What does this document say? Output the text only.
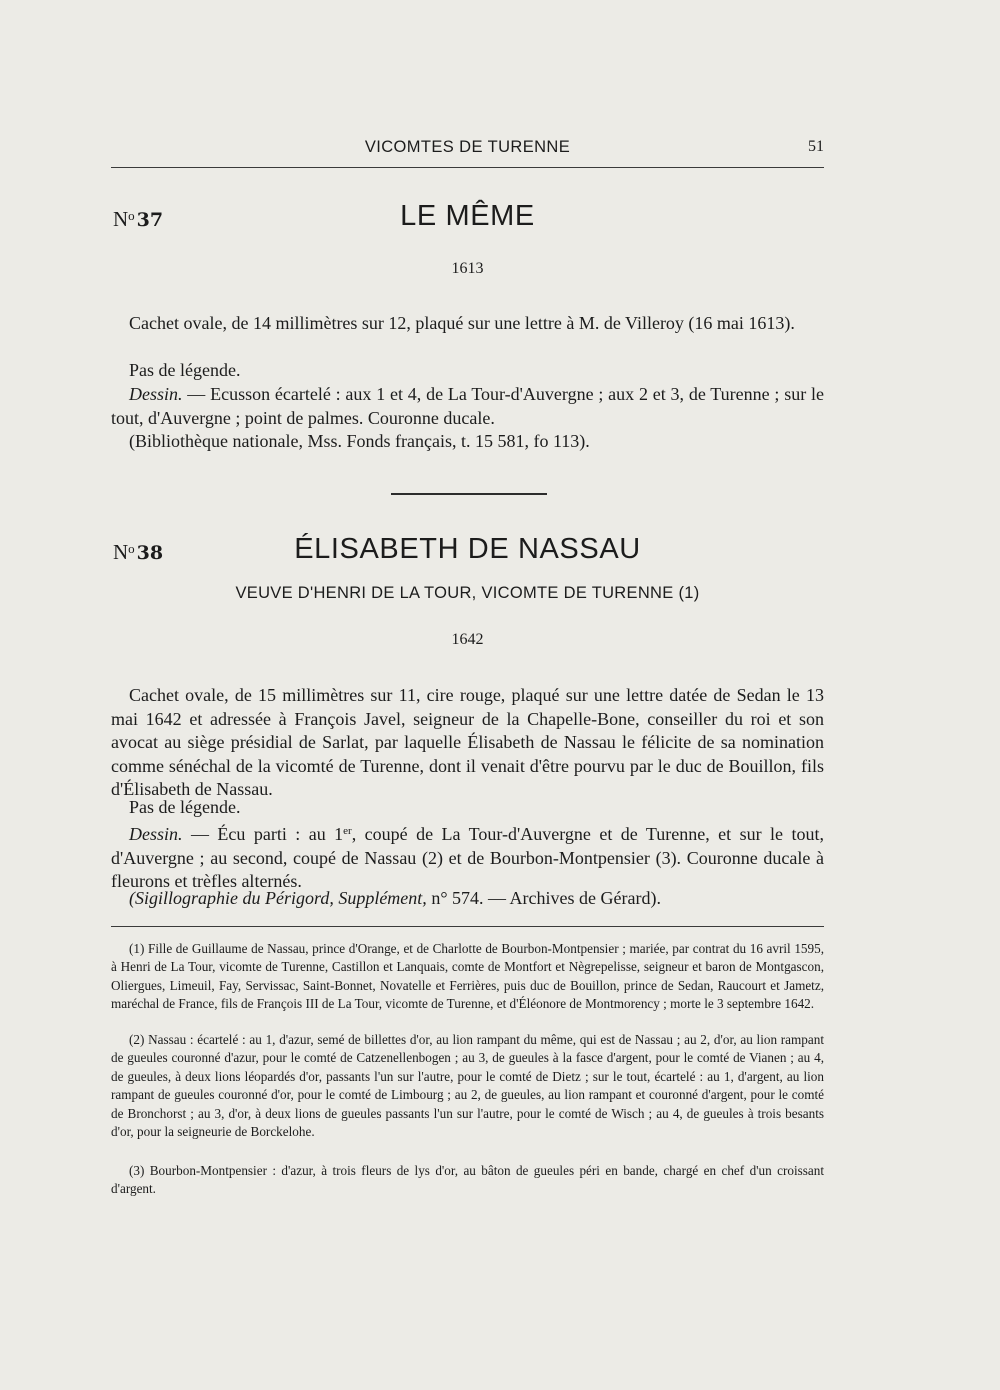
VICOMTES DE TURENNE	51
$N^o$ 37	LE MÊME
1613

Cachet ovale, de 14 millimètres sur 12, plaqué sur une lettre à M. de Villeroy (16 mai 1613).

Pas de légende.

Dessin. — Ecusson écartelé : aux 1 et 4, de La Tour-d'Auvergne ; aux 2 et 3, de Turenne ; sur le tout, d'Auvergne ; point de palmes. Couronne ducale.

(Bibliothèque nationale, Mss. Fonds français, t. 15 581, fo 113).

$N^o$ 38	ÉLISABETH DE NASSAU
VEUVE D'HENRI DE LA TOUR, VICOMTE DE TURENNE (1)
1642

Cachet ovale, de 15 millimètres sur 11, cire rouge, plaqué sur une lettre datée de Sedan le 13 mai 1642 et adressée à François Javel, seigneur de la Chapelle-Bone, conseiller du roi et son avocat au siège présidial de Sarlat, par laquelle Élisabeth de Nassau le félicite de sa nomination comme sénéchal de la vicomté de Turenne, dont il venait d'être pourvu par le duc de Bouillon, fils d'Élisabeth de Nassau.

Pas de légende.

Dessin. — Écu parti : au 1er, coupé de La Tour-d'Auvergne et de Turenne, et sur le tout, d'Auvergne ; au second, coupé de Nassau (2) et de Bourbon-Montpensier (3). Couronne ducale à fleurons et trèfles alternés.

(Sigillographie du Périgord, Supplément, n° 574. — Archives de Gérard).

(1) Fille de Guillaume de Nassau, prince d'Orange, et de Charlotte de Bourbon-Montpensier ; mariée, par contrat du 16 avril 1595, à Henri de La Tour, vicomte de Turenne, Castillon et Lanquais, comte de Montfort et Nègrepelisse, seigneur et baron de Montgascon, Oliergues, Limeuil, Fay, Servissac, Saint-Bonnet, Novatelle et Ferrières, puis duc de Bouillon, prince de Sedan, Raucourt et Jametz, maréchal de France, fils de François III de La Tour, vicomte de Turenne, et d'Éléonore de Montmorency ; morte le 3 septembre 1642.

(2) Nassau : écartelé : au 1, d'azur, semé de billettes d'or, au lion rampant du même, qui est de Nassau ; au 2, d'or, au lion rampant de gueules couronné d'azur, pour le comté de Catzenellenbogen ; au 3, de gueules à la fasce d'argent, pour le comté de Vianen ; au 4, de gueules, à deux lions léopardés d'or, passants l'un sur l'autre, pour le comté de Dietz ; sur le tout, écartelé : au 1, d'argent, au lion rampant de gueules couronné d'or, pour le comté de Limbourg ; au 2, de gueules, au lion rampant et couronné d'argent, pour le comté de Bronchorst ; au 3, d'or, à deux lions de gueules passants l'un sur l'autre, pour le comté de Wisch ; au 4, de gueules à trois besants d'or, pour la seigneurie de Borckelohe.

(3) Bourbon-Montpensier : d'azur, à trois fleurs de lys d'or, au bâton de gueules péri en bande, chargé en chef d'un croissant d'argent.
